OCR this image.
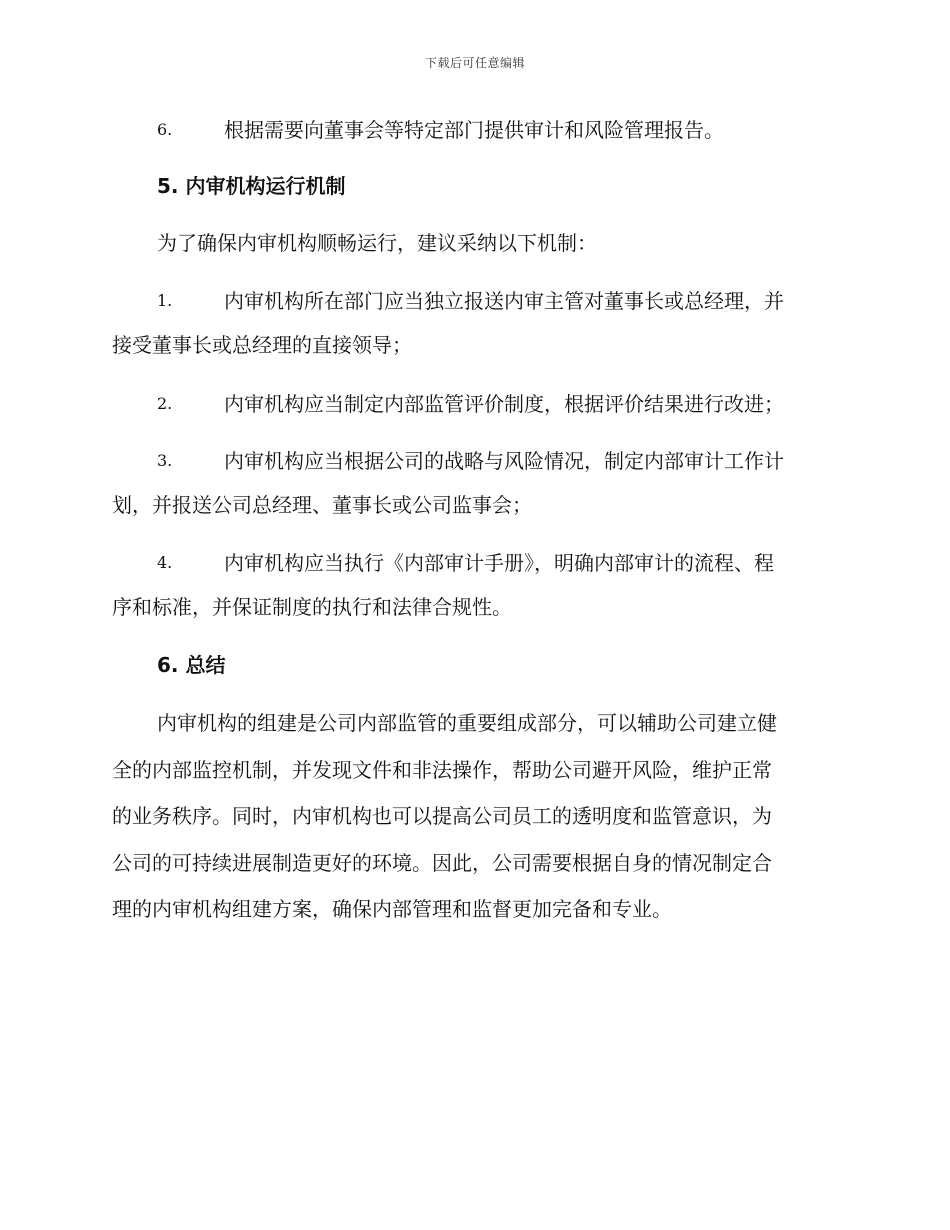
下载后可任意编辑
6.	根据需要向董事会等特定部门提供审计和风险管理报告。
5. 内审机构运行机制
为了确保内审机构顺畅运行，建议采纳以下机制：
1.	内审机构所在部门应当独立报送内审主管对董事长或总经理，并
接受董事长或总经理的直接领导；
2.	内审机构应当制定内部监管评价制度，根据评价结果进行改进；
3.	内审机构应当根据公司的战略与风险情况，制定内部审计工作计
划，并报送公司总经理、董事长或公司监事会；
4.	内审机构应当执行《内部审计手册》，明确内部审计的流程、程
序和标准，并保证制度的执行和法律合规性。
6. 总结
内审机构的组建是公司内部监管的重要组成部分，可以辅助公司建立健
全的内部监控机制，并发现文件和非法操作，帮助公司避开风险，维护正常
的业务秩序。同时，内审机构也可以提高公司员工的透明度和监管意识，为
公司的可持续进展制造更好的环境。因此，公司需要根据自身的情况制定合
理的内审机构组建方案，确保内部管理和监督更加完备和专业。
